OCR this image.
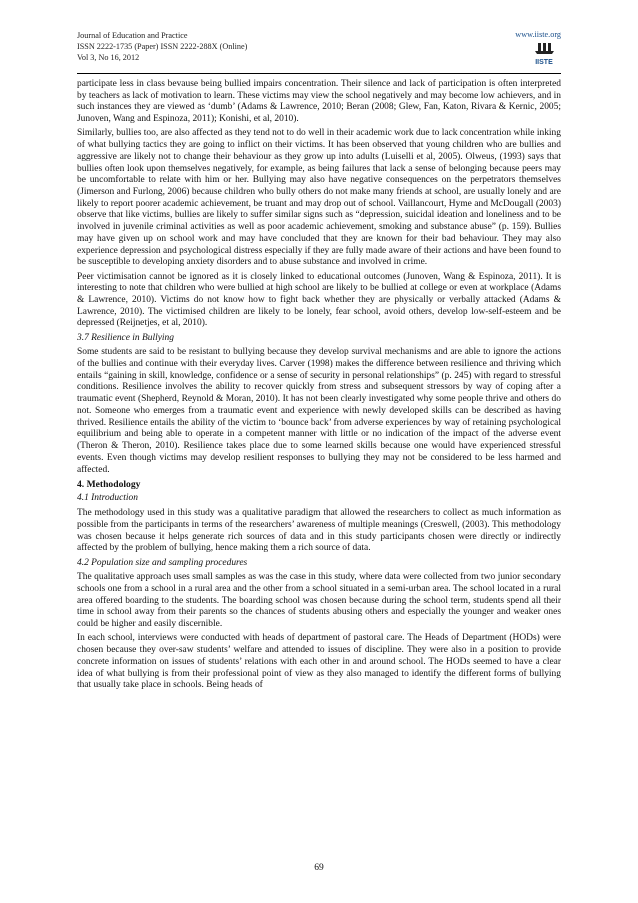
Journal of Education and Practice
ISSN 2222-1735 (Paper) ISSN 2222-288X (Online)
Vol 3, No 16, 2012
www.iiste.org
IISTE

participate less in class bevause being bullied impairs concentration. Their silence and lack of participation is often interpreted by teachers as lack of motivation to learn. These victims may view the school negatively and may become low achievers, and in such instances they are viewed as ‘dumb’ (Adams & Lawrence, 2010; Beran (2008; Glew, Fan, Katon, Rivara & Kernic, 2005; Junoven, Wang and Espinoza, 2011); Konishi, et al, 2010).

Similarly, bullies too, are also affected as they tend not to do well in their academic work due to lack concentration while inking of what bullying tactics they are going to inflict on their victims. It has been observed that young children who are bullies and aggressive are likely not to change their behaviour as they grow up into adults (Luiselli et al, 2005). Olweus, (1993) says that bullies often look upon themselves negatively, for example, as being failures that lack a sense of belonging because peers may be uncomfortable to relate with him or her. Bullying may also have negative consequences on the perpetrators themselves (Jimerson and Furlong, 2006) because children who bully others do not make many friends at school, are usually lonely and are likely to report poorer academic achievement, be truant and may drop out of school. Vaillancourt, Hyme and McDougall (2003) observe that like victims, bullies are likely to suffer similar signs such as “depression, suicidal ideation and loneliness and to be involved in juvenile criminal activities as well as poor academic achievement, smoking and substance abuse” (p. 159). Bullies may have given up on school work and may have concluded that they are known for their bad behaviour. They may also experience depression and psychological distress especially if they are fully made aware of their actions and have been found to be susceptible to developing anxiety disorders and to abuse substance and involved in crime.

Peer victimisation cannot be ignored as it is closely linked to educational outcomes (Junoven, Wang & Espinoza, 2011). It is interesting to note that children who were bullied at high school are likely to be bullied at college or even at workplace (Adams & Lawrence, 2010). Victims do not know how to fight back whether they are physically or verbally attacked (Adams & Lawrence, 2010). The victimised children are likely to be lonely, fear school, avoid others, develop low-self-esteem and be depressed (Reijnetjes, et al, 2010).

3.7 Resilience in Bullying

Some students are said to be resistant to bullying because they develop survival mechanisms and are able to ignore the actions of the bullies and continue with their everyday lives. Carver (1998) makes the difference between resilience and thriving which entails “gaining in skill, knowledge, confidence or a sense of security in personal relationships” (p. 245) with regard to stressful conditions. Resilience involves the ability to recover quickly from stress and subsequent stressors by way of coping after a traumatic event (Shepherd, Reynold & Moran, 2010). It has not been clearly investigated why some people thrive and others do not. Someone who emerges from a traumatic event and experience with newly developed skills can be described as having thrived. Resilience entails the ability of the victim to ‘bounce back’ from adverse experiences by way of retaining psychological equilibrium and being able to operate in a competent manner with little or no indication of the impact of the adverse event (Theron & Theron, 2010). Resilience takes place due to some learned skills because one would have experienced stressful events. Even though victims may develop resilient responses to bullying they may not be considered to be less harmed and affected.

4. Methodology
4.1 Introduction

The methodology used in this study was a qualitative paradigm that allowed the researchers to collect as much information as possible from the participants in terms of the researchers’ awareness of multiple meanings (Creswell, (2003). This methodology was chosen because it helps generate rich sources of data and in this study participants chosen were directly or indirectly affected by the problem of bullying, hence making them a rich source of data.

4.2 Population size and sampling procedures

The qualitative approach uses small samples as was the case in this study, where data were collected from two junior secondary schools one from a school in a rural area and the other from a school situated in a semi-urban area. The school located in a rural area offered boarding to the students. The boarding school was chosen because during the school term, students spend all their time in school away from their parents so the chances of students abusing others and especially the younger and weaker ones could be higher and easily discernible.

In each school, interviews were conducted with heads of department of pastoral care. The Heads of Department (HODs) were chosen because they over-saw students’ welfare and attended to issues of discipline. They were also in a position to provide concrete information on issues of students’ relations with each other in and around school. The HODs seemed to have a clear idea of what bullying is from their professional point of view as they also managed to identify the different forms of bullying that usually take place in schools. Being heads of

69
